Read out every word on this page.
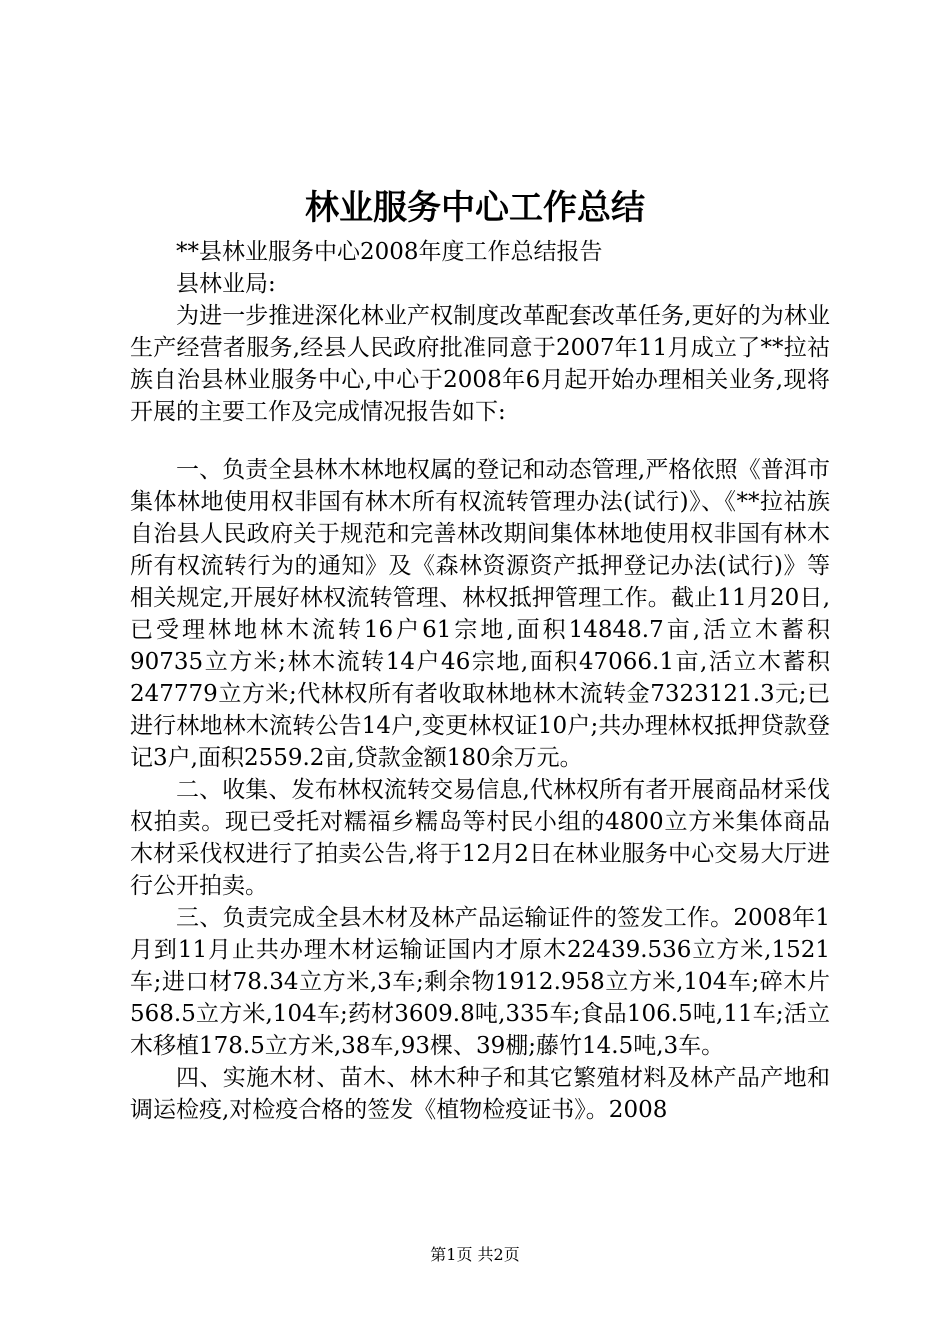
林业服务中心工作总结

**县林业服务中心2008年度工作总结报告

县林业局:

为进一步推进深化林业产权制度改革配套改革任务,更好的为林业生产经营者服务,经县人民政府批准同意于2007年11月成立了**拉祜族自治县林业服务中心,中心于2008年6月起开始办理相关业务,现将开展的主要工作及完成情况报告如下:

一、负责全县林木林地权属的登记和动态管理,严格依照《普洱市集体林地使用权非国有林木所有权流转管理办法(试行)》、《**拉祜族自治县人民政府关于规范和完善林改期间集体林地使用权非国有林木所有权流转行为的通知》及《森林资源资产抵押登记办法(试行)》等相关规定,开展好林权流转管理、林权抵押管理工作。截止11月20日,已受理林地林木流转16户61宗地,面积14848.7亩,活立木蓄积90735立方米;林木流转14户46宗地,面积47066.1亩,活立木蓄积247779立方米;代林权所有者收取林地林木流转金7323121.3元;已进行林地林木流转公告14户,变更林权证10户;共办理林权抵押贷款登记3户,面积2559.2亩,贷款金额180余万元。

二、收集、发布林权流转交易信息,代林权所有者开展商品材采伐权拍卖。现已受托对糯福乡糯岛等村民小组的4800立方米集体商品木材采伐权进行了拍卖公告,将于12月2日在林业服务中心交易大厅进行公开拍卖。

三、负责完成全县木材及林产品运输证件的签发工作。2008年1月到11月止共办理木材运输证国内才原木22439.536立方米,1521车;进口材78.34立方米,3车;剩余物1912.958立方米,104车;碎木片568.5立方米,104车;药材3609.8吨,335车;食品106.5吨,11车;活立木移植178.5立方米,38车,93棵、39棚;藤竹14.5吨,3车。

四、实施木材、苗木、林木种子和其它繁殖材料及林产品产地和调运检疫,对检疫合格的签发《植物检疫证书》。2008

第1页 共2页
